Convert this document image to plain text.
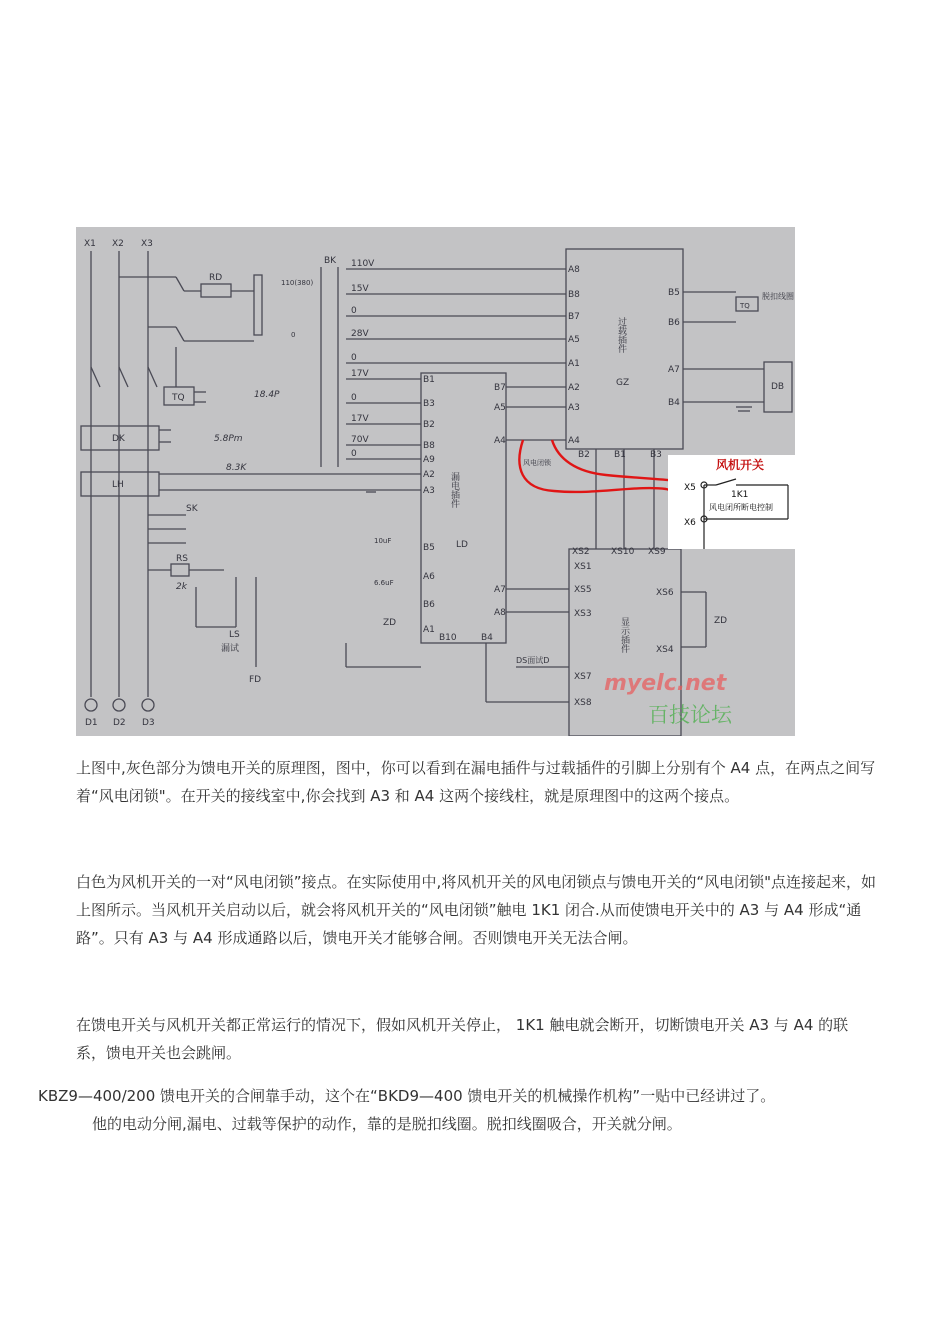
X1 X2 X3
D1 D2 D3
BK 110V
15V
0
28V
0
17V
0
17V
70V
0
RD	110(380)
0
TQ	18.4P
DK	5.8Pm
LH
8.3K
SK
RS
2k
LS
漏试
FD
B1
B3
B2
B8
A9
A2
A3
B5
A6
B6
A1
B7
A5
A4
A7
A8
B10	B4
漏电插件
LD
10uF
6.6uF
ZD
A8
B8
B7
A5
A1
A2
A3
A4
B2	B1	B3
B5
B6
A7
B4
过载插件
GZ
TQ
脱扣线圈
DB
XS2 XS10 XS9
XS1
XS5
XS3
XS6
XS4
XS7
XS8
显示插件	ZD
DS面试D
风电闭锁	风机开关
X5
X6
1K1
风电闭所断电控制
myelc.net
百技论坛

上图中,灰色部分为馈电开关的原理图，图中，你可以看到在漏电插件与过载插件的引脚上分别有个 A4 点，在两点之间写着“风电闭锁"。在开关的接线室中,你会找到 A3 和 A4 这两个接线柱，就是原理图中的这两个接点。

白色为风机开关的一对“风电闭锁”接点。在实际使用中,将风机开关的风电闭锁点与馈电开关的“风电闭锁"点连接起来，如上图所示。当风机开关启动以后，就会将风机开关的“风电闭锁”触电 1K1 闭合.从而使馈电开关中的 A3 与 A4 形成“通路”。只有 A3 与 A4 形成通路以后，馈电开关才能够合闸。否则馈电开关无法合闸。

在馈电开关与风机开关都正常运行的情况下，假如风机开关停止， 1K1 触电就会断开，切断馈电开关 A3 与 A4 的联系，馈电开关也会跳闸。

KBZ9—400/200 馈电开关的合闸靠手动，这个在“BKD9—400 馈电开关的机械操作机构”一贴中已经讲过了。

他的电动分闸,漏电、过载等保护的动作，靠的是脱扣线圈。脱扣线圈吸合，开关就分闸。
